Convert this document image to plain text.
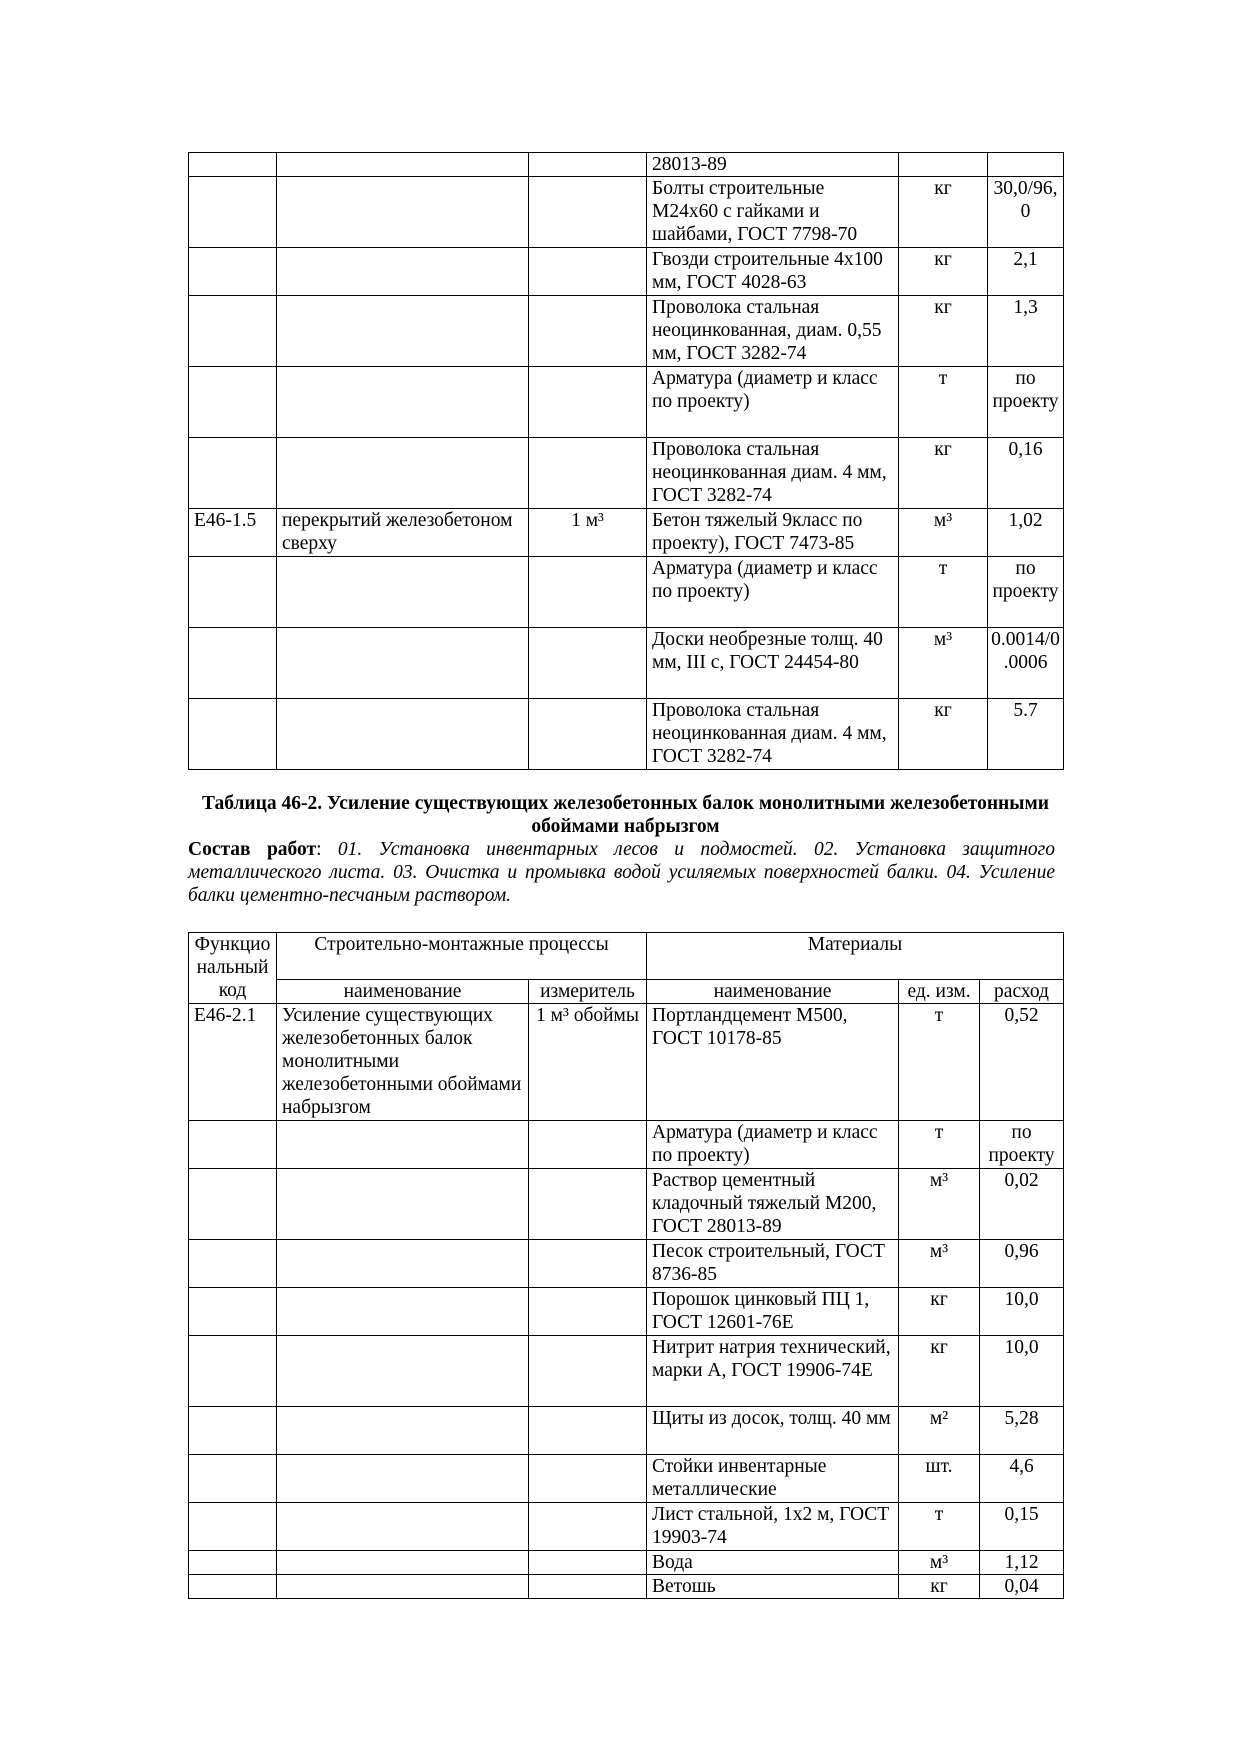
			28013-89		
			Болты строительные М24х60 с гайками и шайбами, ГОСТ 7798-70	кг	30,0/96,0
			Гвозди строительные 4х100 мм, ГОСТ 4028-63	кг	2,1
			Проволока стальная неоцинкованная, диам. 0,55 мм, ГОСТ 3282-74	кг	1,3
			Арматура (диаметр и класс по проекту)	т	по проекту
			Проволока стальная неоцинкованная диам. 4 мм, ГОСТ 3282-74	кг	0,16
Е46-1.5	перекрытий железобетоном сверху	1 м³	Бетон тяжелый 9класс по проекту), ГОСТ 7473-85	м³	1,02
			Арматура (диаметр и класс по проекту)	т	по проекту
			Доски необрезные толщ. 40 мм, III с, ГОСТ 24454-80	м³	0.0014/0.0006
			Проволока стальная неоцинкованная диам. 4 мм, ГОСТ 3282-74	кг	5.7
Таблица 46-2. Усиление существующих железобетонных балок монолитными железобетонными обоймами набрызгом
Состав работ: 01. Установка инвентарных лесов и подмостей. 02. Установка защитного металлического листа. 03. Очистка и промывка водой усиляемых поверхностей балки. 04. Усиление балки цементно-песчаным раствором.
Функциональный код	Строительно-монтажные процессы		Материалы		
	наименование	измеритель	наименование	ед. изм.	расход
Е46-2.1	Усиление существующих железобетонных балок монолитными железобетонными обоймами набрызгом	1 м³ обоймы	Портландцемент М500, ГОСТ 10178-85	т	0,52
			Арматура (диаметр и класс по проекту)	т	по проекту
			Раствор цементный кладочный тяжелый М200, ГОСТ 28013-89	м³	0,02
			Песок строительный, ГОСТ 8736-85	м³	0,96
			Порошок цинковый ПЦ 1, ГОСТ 12601-76Е	кг	10,0
			Нитрит натрия технический, марки А, ГОСТ 19906-74Е	кг	10,0
			Щиты из досок, толщ. 40 мм	м²	5,28
			Стойки инвентарные металлические	шт.	4,6
			Лист стальной, 1х2 м, ГОСТ 19903-74	т	0,15
			Вода	м³	1,12
			Ветошь	кг	0,04
